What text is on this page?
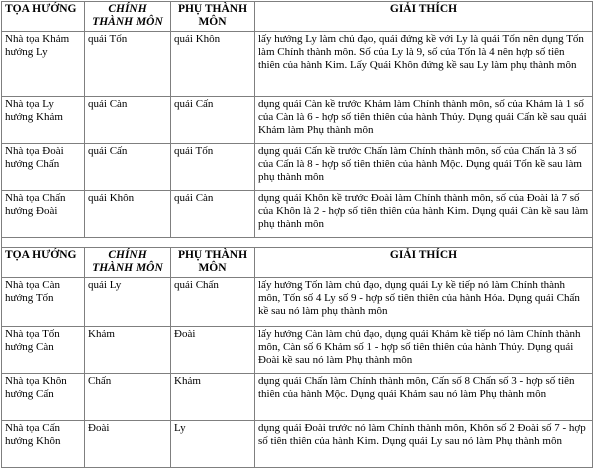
TỌA HƯỚNG	CHÍNH THÀNH MÔN	PHỤ THÀNH MÔN	GIẢI THÍCH
Nhà tọa Khảm hướng Ly	quái Tốn	quái Khôn	lấy hướng Ly làm chủ đạo, quái đứng kề với Ly là quái Tốn nên dụng Tốn làm Chính thành môn. Số của Ly là 9, số của Tốn là 4 nên hợp số tiên thiên của hành Kim. Lấy Quái Khôn đứng kề sau Ly làm phụ thành môn
Nhà tọa Ly hướng Khảm	quái Càn	quái Cấn	dụng quái Càn kề trước Khảm làm Chính thành môn, số của Khảm là 1 số của Càn là 6 - hợp số tiên thiên của hành Thủy. Dụng quái Cấn kề sau quái Khảm làm Phụ thành môn
Nhà tọa Đoài hướng Chấn	quái Cấn	quái Tốn	dụng quái Cấn kề trước Chấn làm Chính thành môn, số của Chấn là 3 số của Cấn là 8 - hợp số tiên thiên của hành Mộc. Dụng quái Tốn kề sau làm phụ thành môn
Nhà tọa Chấn hướng Đoài	quái Khôn	quái Càn	dụng quái Khôn kề trước Đoài làm Chính thành môn, số của Đoài là 7 số của Khôn là 2 - hợp số tiên thiên của hành Kim. Dụng quái Càn kề sau làm phụ thành môn

TỌA HƯỚNG	CHÍNH THÀNH MÔN	PHỤ THÀNH MÔN	GIẢI THÍCH
Nhà tọa Càn hướng Tốn	quái Ly	quái Chấn	lấy hướng Tốn làm chủ đạo, dụng quái Ly kề tiếp nó làm Chính thành môn, Tốn số 4 Ly số 9 - hợp số tiên thiên của hành Hỏa. Dụng quái Chấn kề sau nó làm phụ thành môn
Nhà tọa Tốn hướng Càn	Khảm	Đoài	lấy hướng Càn làm chủ đạo, dụng quái Khảm kề tiếp nó làm Chính thành môn, Càn số 6 Khảm số 1 - hợp số tiên thiên của hành Thủy. Dụng quái Đoài kề sau nó làm Phụ thành môn
Nhà tọa Khôn hướng Cấn	Chấn	Khảm	dụng quái Chấn làm Chính thành môn, Cấn số 8 Chấn số 3 - hợp số tiên thiên của hành Mộc. Dụng quái Khảm sau nó làm Phụ thành môn
Nhà tọa Cấn hướng Khôn	Đoài	Ly	dụng quái Đoài trước nó làm Chính thành môn, Khôn số 2 Đoài số 7 - hợp số tiên thiên của hành Kim. Dụng quái Ly sau nó làm Phụ thành môn
